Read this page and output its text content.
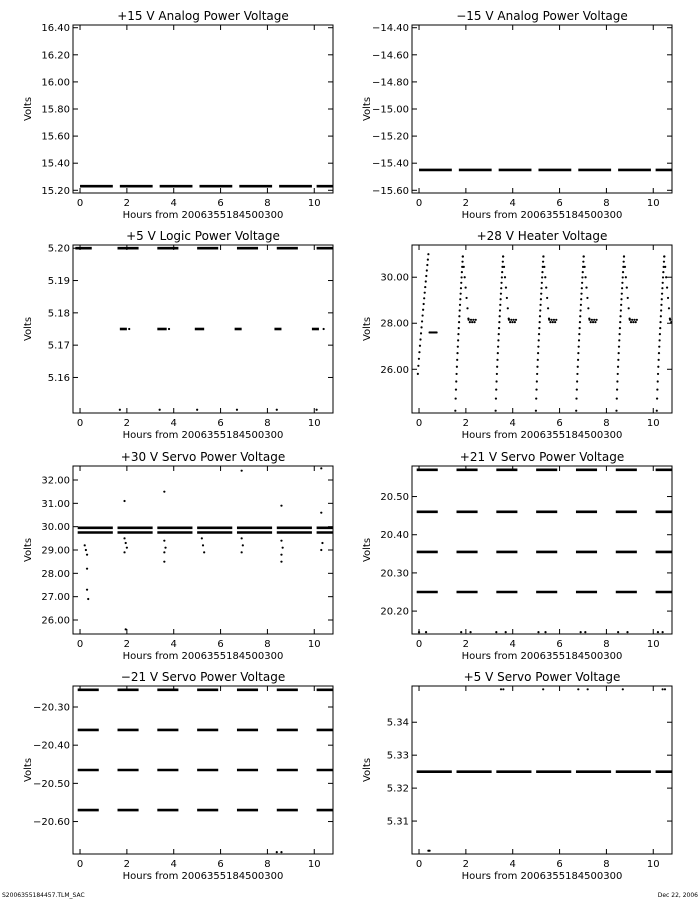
+15 V Analog Power Voltage
0	2	4	6	8	10
15.20
15.40
15.60
15.80
16.00
16.20
16.40
Hours from 2006355184500300
Volts
−15 V Analog Power Voltage
0	2	4	6	8	10
−15.60
−15.40
−15.20
−15.00
−14.80
−14.60
−14.40
Hours from 2006355184500300
Volts
+5 V Logic Power Voltage
0	2	4	6	8	10
5.16
5.17
5.18
5.19
5.20
Hours from 2006355184500300
Volts
+28 V Heater Voltage
0	2	4	6	8	10
26.00
28.00
30.00
Hours from 2006355184500300
Volts
+30 V Servo Power Voltage
0	2	4	6	8	10
26.00
27.00
28.00
29.00
30.00
31.00
32.00
Hours from 2006355184500300
Volts
+21 V Servo Power Voltage
0	2	4	6	8	10
20.20
20.30
20.40
20.50
Hours from 2006355184500300
Volts
−21 V Servo Power Voltage
0	2	4	6	8	10
−20.60
−20.50
−20.40
−20.30
Hours from 2006355184500300
Volts
+5 V Servo Power Voltage
0	2	4	6	8	10
5.31
5.32
5.33
5.34
Hours from 2006355184500300
Volts
S2006355184457.TLM_SAC	Dec 22, 2006
